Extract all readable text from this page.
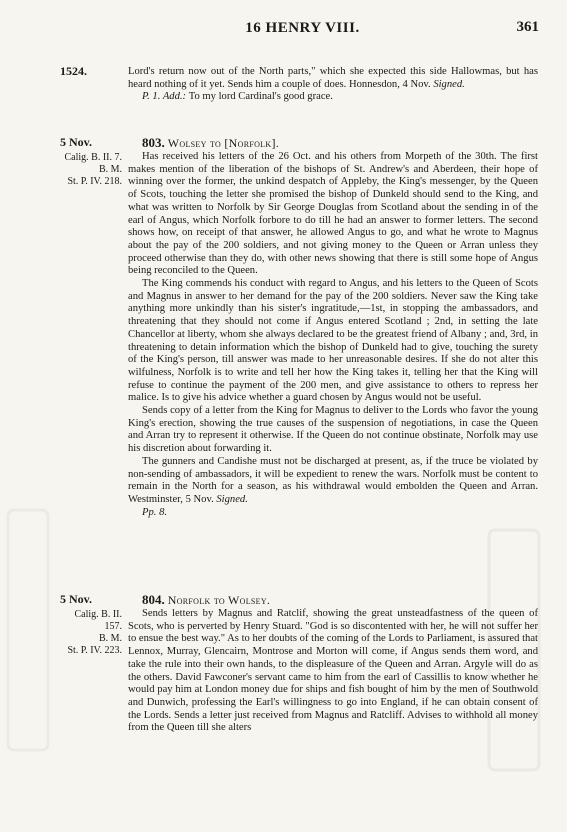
16 HENRY VIII.	361
1524.	Lord's return now out of the North parts," which she expected this side Hallowmas, but has heard nothing of it yet. Sends him a couple of does. Honnesdon, 4 Nov. Signed.

P. 1. Add.: To my lord Cardinal's good grace.

5 Nov.
Calig. B. II. 7.
B. M.
St. P. IV. 218.

803. Wolsey to [Norfolk].

Has received his letters of the 26 Oct. and his others from Morpeth of the 30th. The first makes mention of the liberation of the bishops of St. Andrew's and Aberdeen, their hope of winning over the former, the unkind despatch of Appleby, the King's messenger, by the Queen of Scots, touching the letter she promised the bishop of Dunkeld should send to the King, and what was written to Norfolk by Sir George Douglas from Scotland about the sending in of the earl of Angus, which Norfolk forbore to do till he had an answer to former letters. The second shows how, on receipt of that answer, he allowed Angus to go, and what he wrote to Magnus about the pay of the 200 soldiers, and not giving money to the Queen or Arran unless they proceed otherwise than they do, with other news showing that there is still some hope of Angus being reconciled to the Queen.

The King commends his conduct with regard to Angus, and his letters to the Queen of Scots and Magnus in answer to her demand for the pay of the 200 soldiers. Never saw the King take anything more unkindly than his sister's ingratitude,—1st, in stopping the ambassadors, and threatening that they should not come if Angus entered Scotland ; 2nd, in setting the late Chancellor at liberty, whom she always declared to be the greatest friend of Albany ; and, 3rd, in threatening to detain information which the bishop of Dunkeld had to give, touching the surety of the King's person, till answer was made to her unreasonable desires. If she do not alter this wilfulness, Norfolk is to write and tell her how the King takes it, telling her that the King will refuse to continue the payment of the 200 men, and give assistance to others to repress her malice. Is to give his advice whether a guard chosen by Angus would not be useful.

Sends copy of a letter from the King for Magnus to deliver to the Lords who favor the young King's erection, showing the true causes of the suspension of negotiations, in case the Queen and Arran try to represent it otherwise. If the Queen do not continue obstinate, Norfolk may use his discretion about forwarding it.

The gunners and Candishe must not be discharged at present, as, if the truce be violated by non-sending of ambassadors, it will be expedient to renew the wars. Norfolk must be content to remain in the North for a season, as his withdrawal would embolden the Queen and Arran. Westminster, 5 Nov. Signed.

Pp. 8.

5 Nov.
Calig. B. II.
157.
B. M.
St. P. IV. 223.

804. Norfolk to Wolsey.

Sends letters by Magnus and Ratclif, showing the great unsteadfastness of the queen of Scots, who is perverted by Henry Stuard. "God is so discontented with her, he will not suffer her to ensue the best way." As to her doubts of the coming of the Lords to Parliament, is assured that Lennox, Murray, Glencairn, Montrose and Morton will come, if Angus sends them word, and take the rule into their own hands, to the displeasure of the Queen and Arran. Argyle will do as the others. David Fawconer's servant came to him from the earl of Cassillis to know whether he would pay him at London money due for ships and fish bought of him by the men of Southwold and Dunwich, professing the Earl's willingness to go into England, if he can obtain consent of the Lords. Sends a letter just received from Magnus and Ratcliff. Advises to withhold all money from the Queen till she alters
